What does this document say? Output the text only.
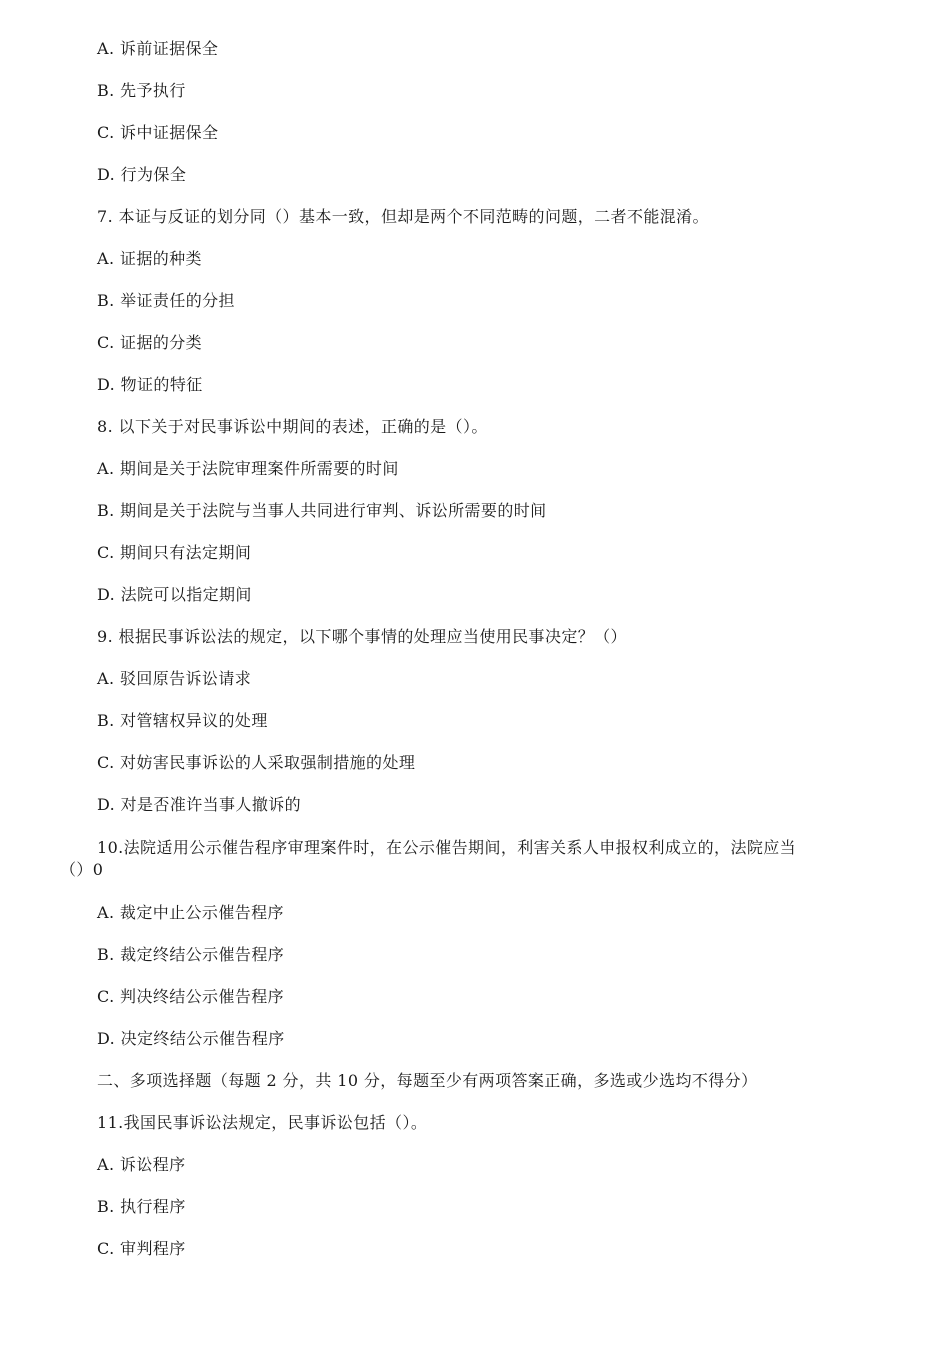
A. 诉前证据保全
B. 先予执行
C. 诉中证据保全
D. 行为保全
7. 本证与反证的划分同（）基本一致，但却是两个不同范畴的问题，二者不能混淆。
A. 证据的种类
B. 举证责任的分担
C. 证据的分类
D. 物证的特征
8. 以下关于对民事诉讼中期间的表述，正确的是（）。
A. 期间是关于法院审理案件所需要的时间
B. 期间是关于法院与当事人共同进行审判、诉讼所需要的时间
C. 期间只有法定期间
D. 法院可以指定期间
9. 根据民事诉讼法的规定，以下哪个事情的处理应当使用民事决定？（）
A. 驳回原告诉讼请求
B. 对管辖权异议的处理
C. 对妨害民事诉讼的人采取强制措施的处理
D. 对是否准许当事人撤诉的
10.法院适用公示催告程序审理案件时，在公示催告期间，利害关系人申报权利成立的，法院应当
（）0
A. 裁定中止公示催告程序
B. 裁定终结公示催告程序
C. 判决终结公示催告程序
D. 决定终结公示催告程序
二、多项选择题（每题 2 分，共 10 分，每题至少有两项答案正确，多选或少选均不得分）
11.我国民事诉讼法规定，民事诉讼包括（）。
A. 诉讼程序
B. 执行程序
C. 审判程序
